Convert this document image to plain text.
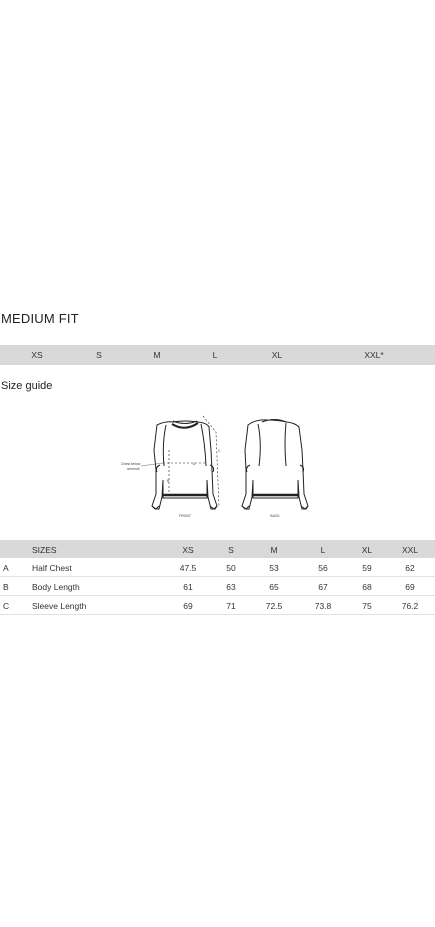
MEDIUM FIT
XS	S	M	L	XL	XXL*
Size guide
FRONT	BACK
A
B
C
Chest below
armhole
SIZES	XS	S	M	L	XL	XXL
A	Half Chest	47.5	50	53	56	59	62
B	Body Length	61	63	65	67	68	69
C	Sleeve Length	69	71	72.5	73.8	75	76.2
